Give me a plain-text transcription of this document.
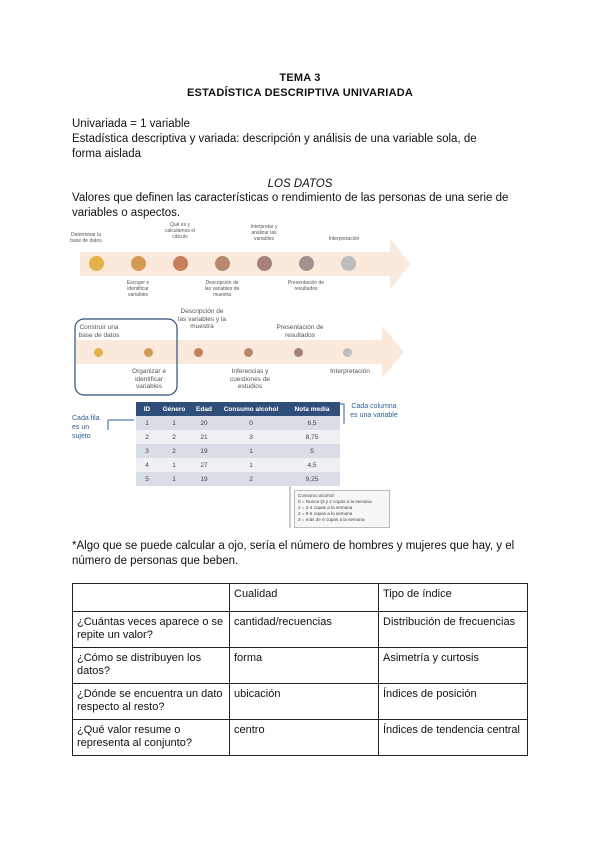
TEMA 3
ESTADÍSTICA DESCRIPTIVA UNIVARIADA
Univariada = 1 variable
Estadística descriptiva y variada: descripción y análisis de una variable sola, de forma aislada
LOS DATOS
Valores que definen las características o rendimiento de las personas de una serie de variables o aspectos.
Determinar la base de datos
Qué es y calculamos el cálculo
Interpretar y analizar las variables	Interpretación
Escoger e identificar variables
Descripción de las variables de muestra
Presentación de resultados
Construir una base de datos
Descripción de las variables y la muestra	Presentación de resultados
Organizar e identificar variables
Inferencias y cuestiones de estudios
Interpretación
Cada fila es un sujeto
ID	Género	Edad	Consumo alcohol	Nota media
1	1	20	0	6,5
2	2	21	3	8,75
3	2	19	1	5
4	1	27	1	4,5
5	1	19	2	9,25
Cada columna es una variable
Consumo alcohol:
0 = Nunca (0 y 2 copas a la semana
1 = 3-4 copas a la semana
2 = 5-6 copas a la semana
3 = más de 6 copas a la semana
*Algo que se puede calcular a ojo, sería el número de hombres y mujeres que hay, y el número de personas que beben.
	Cualidad	Tipo de índice
¿Cuántas veces aparece o se repite un valor?	cantidad/recuencias	Distribución de frecuencias
¿Cómo se distribuyen los datos?	forma	Asimetría y curtosis
¿Dónde se encuentra un dato respecto al resto?	ubicación	Índices de posición
¿Qué valor resume o representa al conjunto?	centro	Índices de tendencia central
